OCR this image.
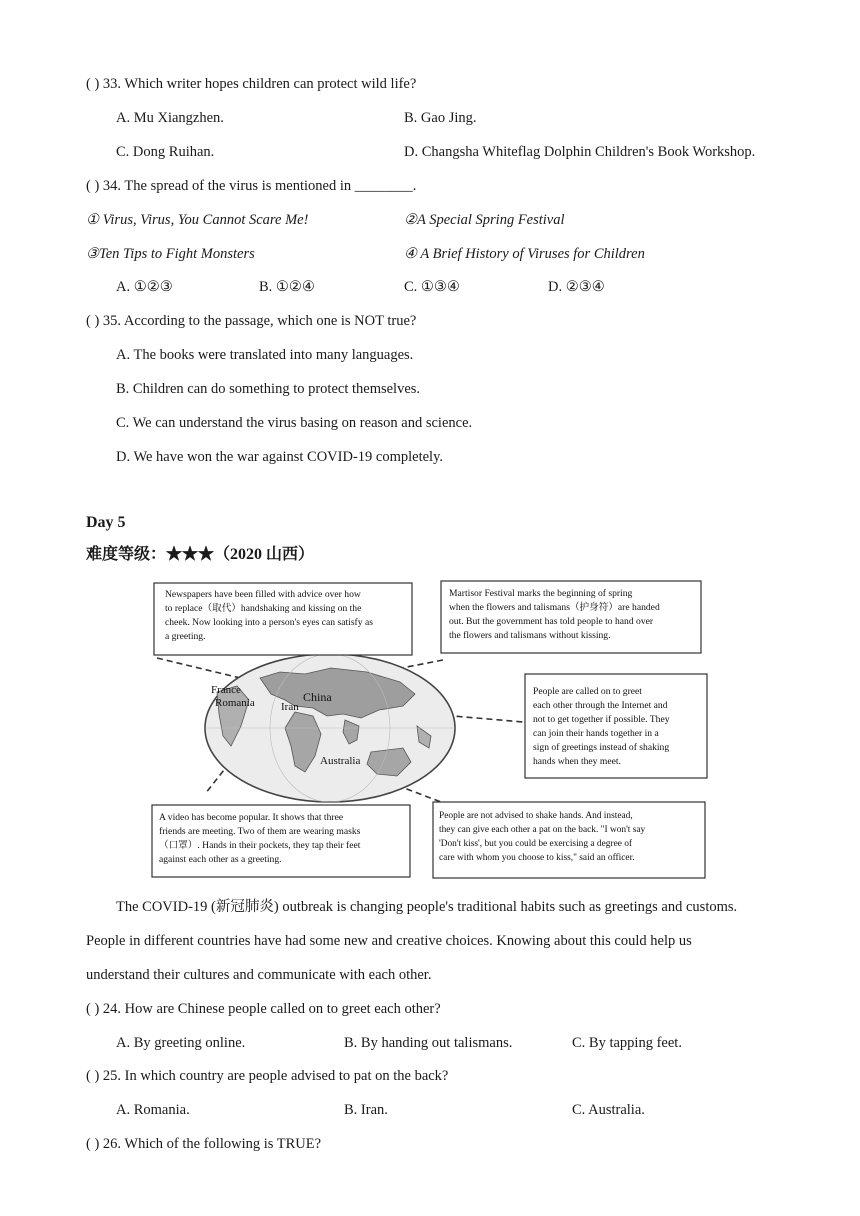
( ) 33. Which writer hopes children can protect wild life?
A. Mu Xiangzhen.	B. Gao Jing.
C. Dong Ruihan.	D. Changsha Whiteflag Dolphin Children's Book Workshop.
( ) 34. The spread of the virus is mentioned in ________.
① Virus, Virus, You Cannot Scare Me!	②A Special Spring Festival
③Ten Tips to Fight Monsters	④ A Brief History of Viruses for Children
A. ①②③	B. ①②④	C. ①③④	D. ②③④
( ) 35. According to the passage, which one is NOT true?
A. The books were translated into many languages.
B. Children can do something to protect themselves.
C. We can understand the virus basing on reason and science.
D. We have won the war against COVID-19 completely.
Day 5
难度等级：★★★（2020 山西）
France
Romania Iran
China
Australia
Newspapers have been filled with advice over how
to replace（取代）handshaking and kissing on the
cheek. Now looking into a person's eyes can satisfy as
a greeting.
Martisor Festival marks the beginning of spring
when the flowers and talismans（护身符）are handed
out. But the government has told people to hand over
the flowers and talismans without kissing.
People are called on to greet
each other through the Internet and
not to get together if possible. They
can join their hands together in a
sign of greetings instead of shaking
hands when they meet.
A video has become popular. It shows that three
friends are meeting. Two of them are wearing masks
（口罩）. Hands in their pockets, they tap their feet
against each other as a greeting.
People are not advised to shake hands. And instead,
they can give each other a pat on the back. "I won't say
'Don't kiss', but you could be exercising a degree of
care with whom you choose to kiss," said an officer.
The COVID-19 (新冠肺炎) outbreak is changing people's traditional habits such as greetings and customs.
People in different countries have had some new and creative choices. Knowing about this could help us
understand their cultures and communicate with each other.
( ) 24. How are Chinese people called on to greet each other?
A. By greeting online.	B. By handing out talismans.	C. By tapping feet.
( ) 25. In which country are people advised to pat on the back?
A. Romania.	B. Iran.	C. Australia.
( ) 26. Which of the following is TRUE?
